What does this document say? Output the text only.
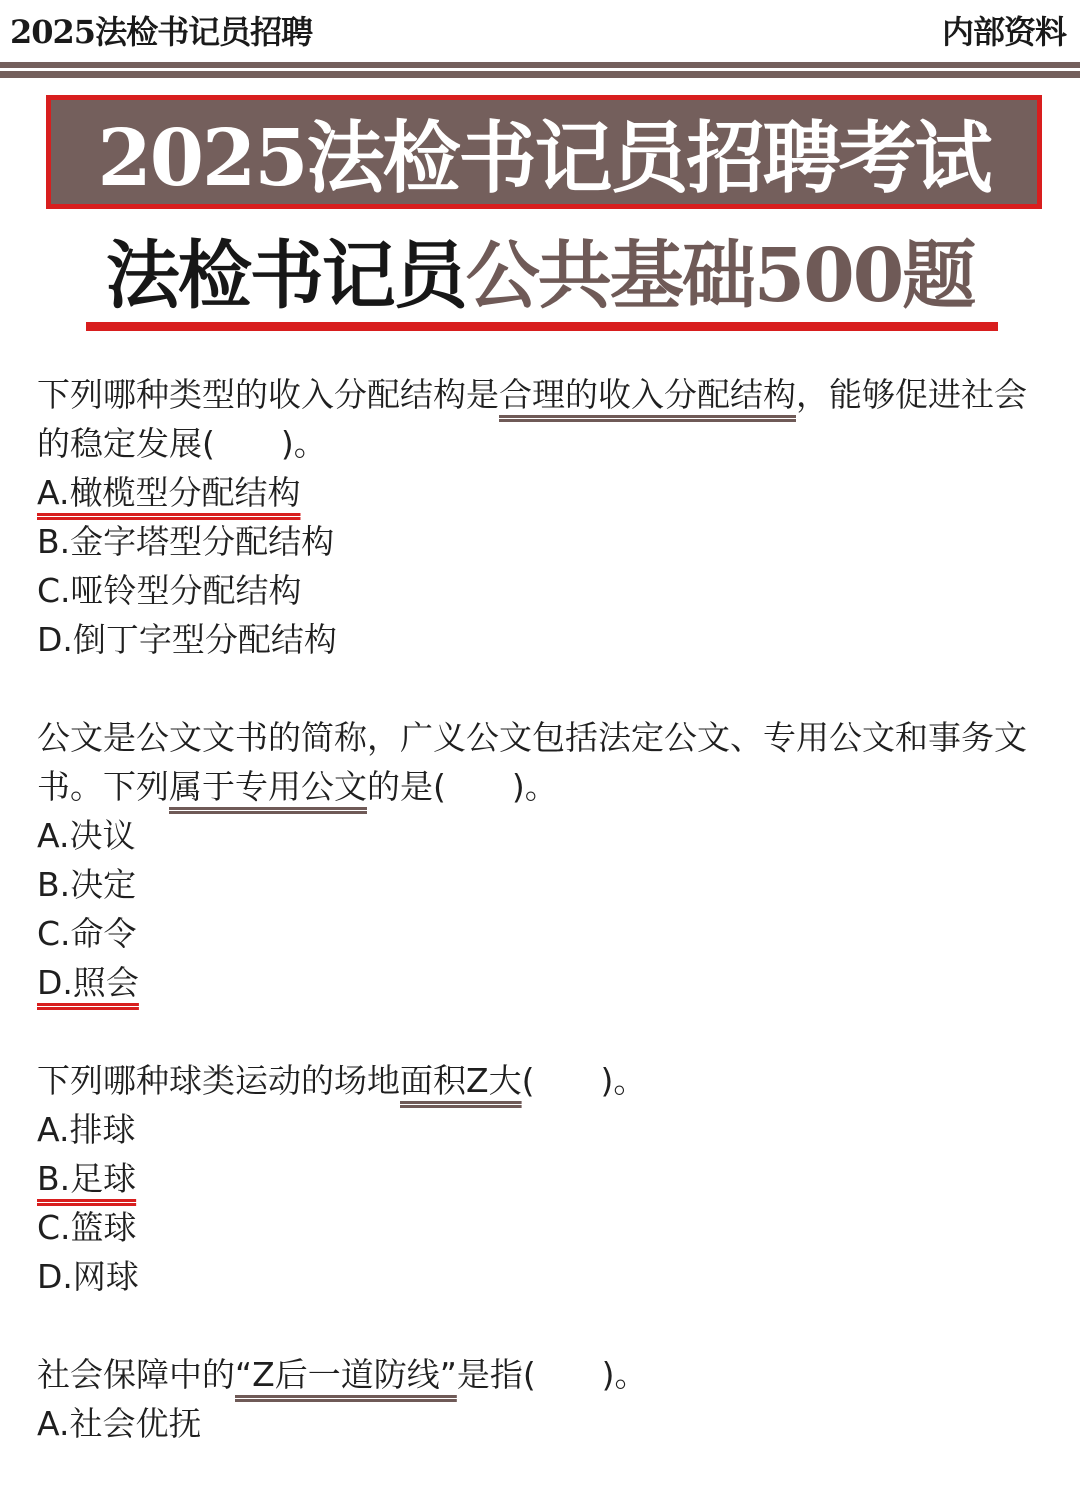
2025法检书记员招聘	内部资料
2025法检书记员招聘考试
法检书记员公共基础500题
下列哪种类型的收入分配结构是合理的收入分配结构，能够促进社会的稳定发展(　　)。
A.橄榄型分配结构
B.金字塔型分配结构
C.哑铃型分配结构
D.倒丁字型分配结构
公文是公文文书的简称，广义公文包括法定公文、专用公文和事务文书。下列属于专用公文的是(　　)。
A.决议
B.决定
C.命令
D.照会
下列哪种球类运动的场地面积Z大(　　)。
A.排球
B.足球
C.篮球
D.网球
社会保障中的“Z后一道防线”是指(　　)。
A.社会优抚
